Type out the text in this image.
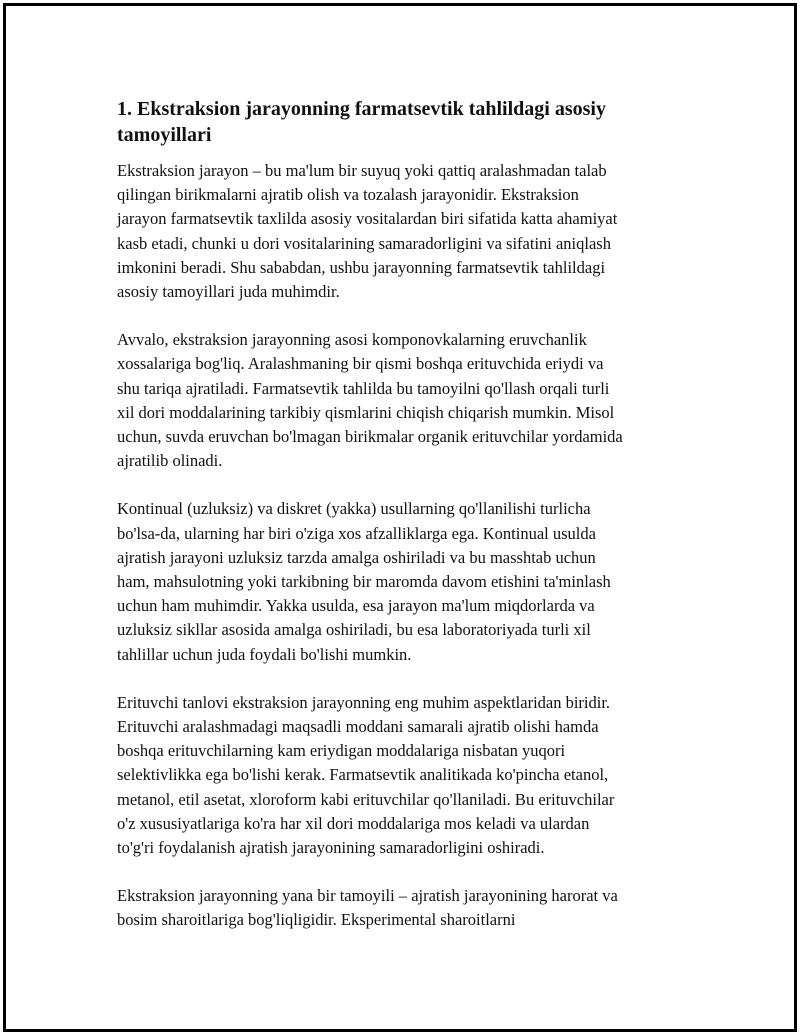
1. Ekstraksion jarayonning farmatsevtik tahlildagi asosiy tamoyillari

Ekstraksion jarayon – bu ma'lum bir suyuq yoki qattiq aralashmadan talab
qilingan birikmalarni ajratib olish va tozalash jarayonidir. Ekstraksion
jarayon farmatsevtik taxlilda asosiy vositalardan biri sifatida katta ahamiyat
kasb etadi, chunki u dori vositalarining samaradorligini va sifatini aniqlash
imkonini beradi. Shu sababdan, ushbu jarayonning farmatsevtik tahlildagi
asosiy tamoyillari juda muhimdir.

Avvalo, ekstraksion jarayonning asosi komponovkalarning eruvchanlik
xossalariga bog'liq. Aralashmaning bir qismi boshqa erituvchida eriydi va
shu tariqa ajratiladi. Farmatsevtik tahlilda bu tamoyilni qo'llash orqali turli
xil dori moddalarining tarkibiy qismlarini chiqish chiqarish mumkin. Misol
uchun, suvda eruvchan bo'lmagan birikmalar organik erituvchilar yordamida
ajratilib olinadi.

Kontinual (uzluksiz) va diskret (yakka) usullarning qo'llanilishi turlicha
bo'lsa-da, ularning har biri o'ziga xos afzalliklarga ega. Kontinual usulda
ajratish jarayoni uzluksiz tarzda amalga oshiriladi va bu masshtab uchun
ham, mahsulotning yoki tarkibning bir maromda davom etishini ta'minlash
uchun ham muhimdir. Yakka usulda, esa jarayon ma'lum miqdorlarda va
uzluksiz sikllar asosida amalga oshiriladi, bu esa laboratoriyada turli xil
tahlillar uchun juda foydali bo'lishi mumkin.

Erituvchi tanlovi ekstraksion jarayonning eng muhim aspektlaridan biridir.
Erituvchi aralashmadagi maqsadli moddani samarali ajratib olishi hamda
boshqa erituvchilarning kam eriydigan moddalariga nisbatan yuqori
selektivlikka ega bo'lishi kerak. Farmatsevtik analitikada ko'pincha etanol,
metanol, etil asetat, xloroform kabi erituvchilar qo'llaniladi. Bu erituvchilar
o'z xususiyatlariga ko'ra har xil dori moddalariga mos keladi va ulardan
to'g'ri foydalanish ajratish jarayonining samaradorligini oshiradi.

Ekstraksion jarayonning yana bir tamoyili – ajratish jarayonining harorat va
bosim sharoitlariga bog'liqligidir. Eksperimental sharoitlarni
